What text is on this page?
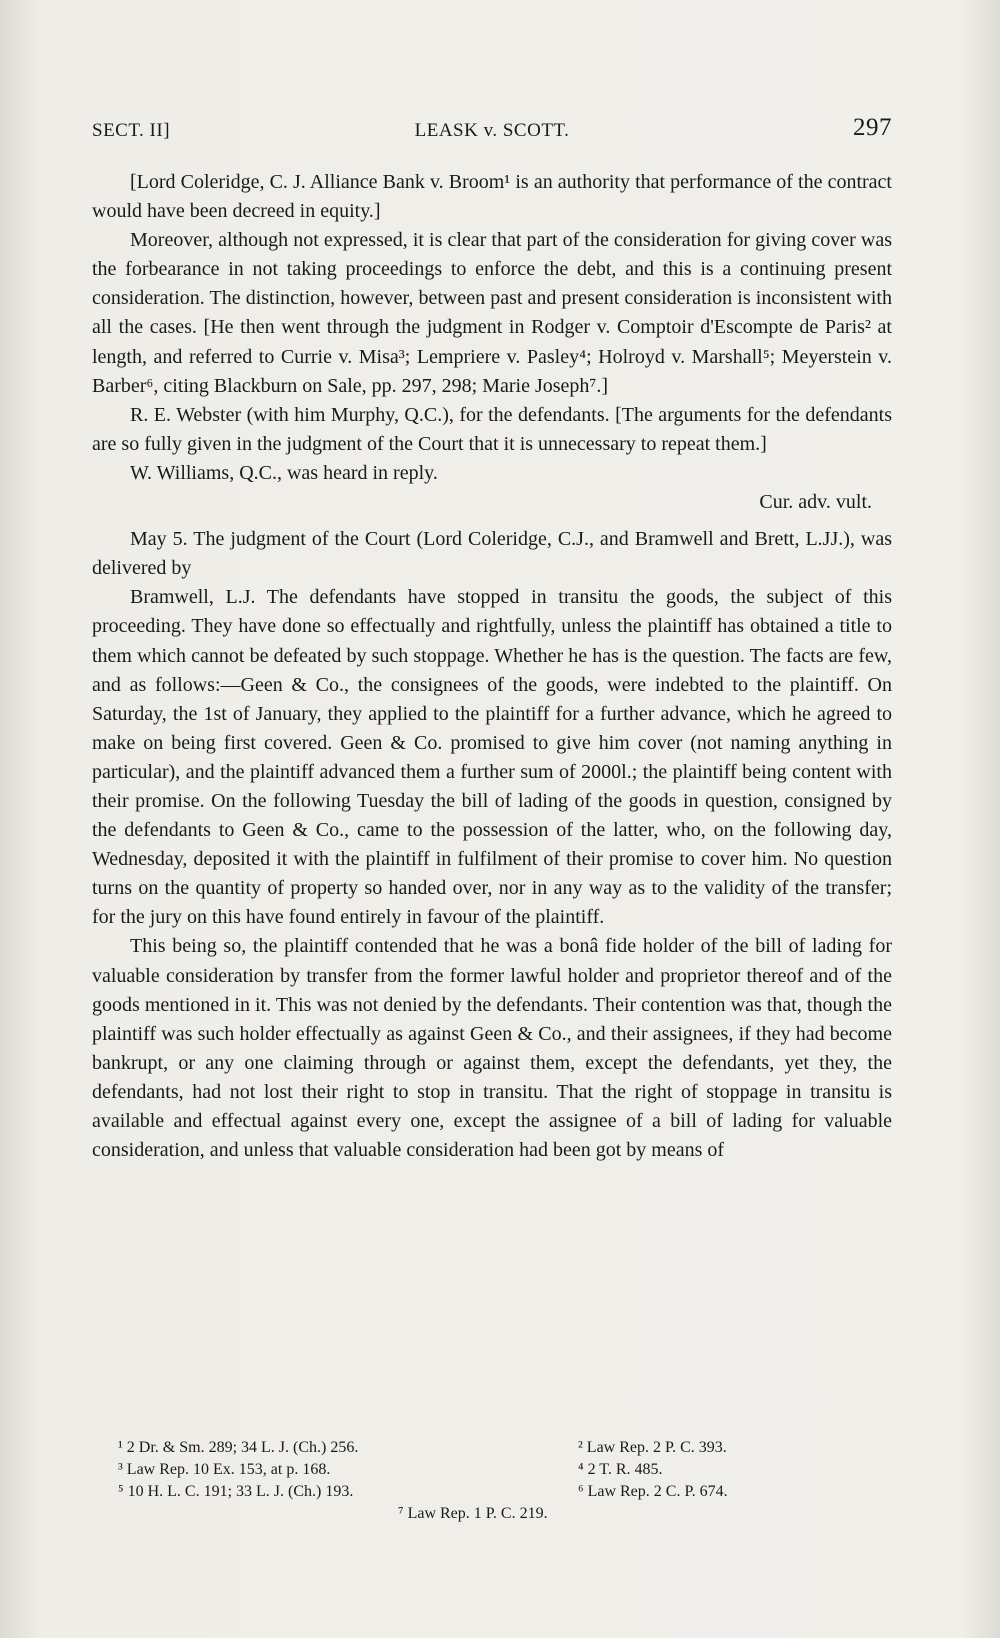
SECT. II]	LEASK v. SCOTT.	297

[Lord Coleridge, C. J. Alliance Bank v. Broom¹ is an authority that performance of the contract would have been decreed in equity.]

Moreover, although not expressed, it is clear that part of the consideration for giving cover was the forbearance in not taking proceedings to enforce the debt, and this is a continuing present consideration. The distinction, however, between past and present consideration is inconsistent with all the cases. [He then went through the judgment in Rodger v. Comptoir d'Escompte de Paris² at length, and referred to Currie v. Misa³; Lempriere v. Pasley⁴; Holroyd v. Marshall⁵; Meyerstein v. Barber⁶, citing Blackburn on Sale, pp. 297, 298; Marie Joseph⁷.]

R. E. Webster (with him Murphy, Q.C.), for the defendants. [The arguments for the defendants are so fully given in the judgment of the Court that it is unnecessary to repeat them.]

W. Williams, Q.C., was heard in reply.

Cur. adv. vult.

May 5. The judgment of the Court (Lord Coleridge, C.J., and Bramwell and Brett, L.JJ.), was delivered by

Bramwell, L.J. The defendants have stopped in transitu the goods, the subject of this proceeding. They have done so effectually and rightfully, unless the plaintiff has obtained a title to them which cannot be defeated by such stoppage. Whether he has is the question. The facts are few, and as follows:—Geen & Co., the consignees of the goods, were indebted to the plaintiff. On Saturday, the 1st of January, they applied to the plaintiff for a further advance, which he agreed to make on being first covered. Geen & Co. promised to give him cover (not naming anything in particular), and the plaintiff advanced them a further sum of 2000l.; the plaintiff being content with their promise. On the following Tuesday the bill of lading of the goods in question, consigned by the defendants to Geen & Co., came to the possession of the latter, who, on the following day, Wednesday, deposited it with the plaintiff in fulfilment of their promise to cover him. No question turns on the quantity of property so handed over, nor in any way as to the validity of the transfer; for the jury on this have found entirely in favour of the plaintiff.

This being so, the plaintiff contended that he was a bonâ fide holder of the bill of lading for valuable consideration by transfer from the former lawful holder and proprietor thereof and of the goods mentioned in it. This was not denied by the defendants. Their contention was that, though the plaintiff was such holder effectually as against Geen & Co., and their assignees, if they had become bankrupt, or any one claiming through or against them, except the defendants, yet they, the defendants, had not lost their right to stop in transitu. That the right of stoppage in transitu is available and effectual against every one, except the assignee of a bill of lading for valuable consideration, and unless that valuable consideration had been got by means of

¹ 2 Dr. & Sm. 289; 34 L. J. (Ch.) 256.	² Law Rep. 2 P. C. 393.
³ Law Rep. 10 Ex. 153, at p. 168.	⁴ 2 T. R. 485.
⁵ 10 H. L. C. 191; 33 L. J. (Ch.) 193.	⁶ Law Rep. 2 C. P. 674.
⁷ Law Rep. 1 P. C. 219.
